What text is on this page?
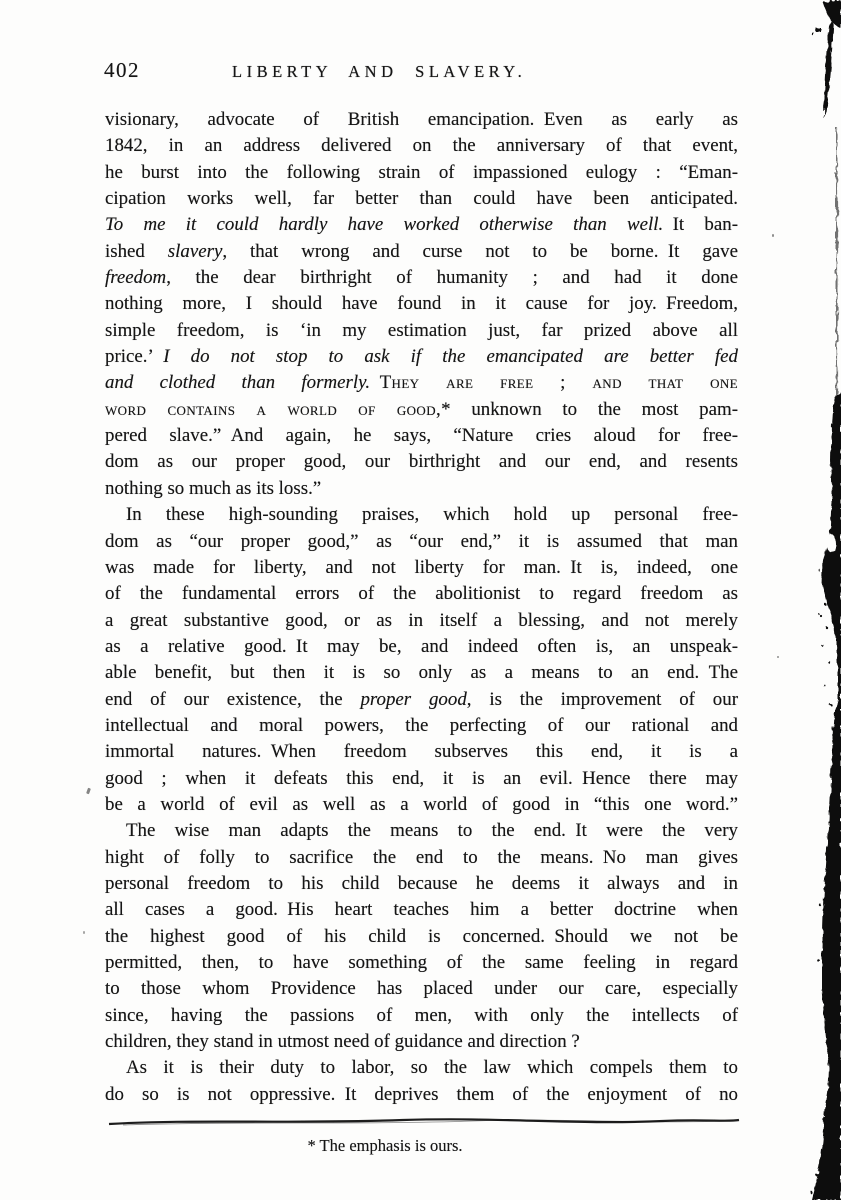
402	LIBERTY AND SLAVERY.
visionary, advocate of British emancipation. Even as early as
1842, in an address delivered on the anniversary of that event,
he burst into the following strain of impassioned eulogy : “Eman-
cipation works well, far better than could have been anticipated.
To me it could hardly have worked otherwise than well. It ban-
ished slavery, that wrong and curse not to be borne. It gave
freedom, the dear birthright of humanity ; and had it done
nothing more, I should have found in it cause for joy. Freedom,
simple freedom, is ‘in my estimation just, far prized above all
price.’ I do not stop to ask if the emancipated are better fed
and clothed than formerly. They are free ; and that one
word contains a world of good,* unknown to the most pam-
pered slave.” And again, he says, “Nature cries aloud for free-
dom as our proper good, our birthright and our end, and resents
nothing so much as its loss.”
In these high-sounding praises, which hold up personal free-
dom as “our proper good,” as “our end,” it is assumed that man
was made for liberty, and not liberty for man. It is, indeed, one
of the fundamental errors of the abolitionist to regard freedom as
a great substantive good, or as in itself a blessing, and not merely
as a relative good. It may be, and indeed often is, an unspeak-
able benefit, but then it is so only as a means to an end. The
end of our existence, the proper good, is the improvement of our
intellectual and moral powers, the perfecting of our rational and
immortal natures. When freedom subserves this end, it is a
good ; when it defeats this end, it is an evil. Hence there may
be a world of evil as well as a world of good in “this one word.”
The wise man adapts the means to the end. It were the very
hight of folly to sacrifice the end to the means. No man gives
personal freedom to his child because he deems it always and in
all cases a good. His heart teaches him a better doctrine when
the highest good of his child is concerned. Should we not be
permitted, then, to have something of the same feeling in regard
to those whom Providence has placed under our care, especially
since, having the passions of men, with only the intellects of
children, they stand in utmost need of guidance and direction ?
As it is their duty to labor, so the law which compels them to
do so is not oppressive. It deprives them of the enjoyment of no
* The emphasis is ours.
